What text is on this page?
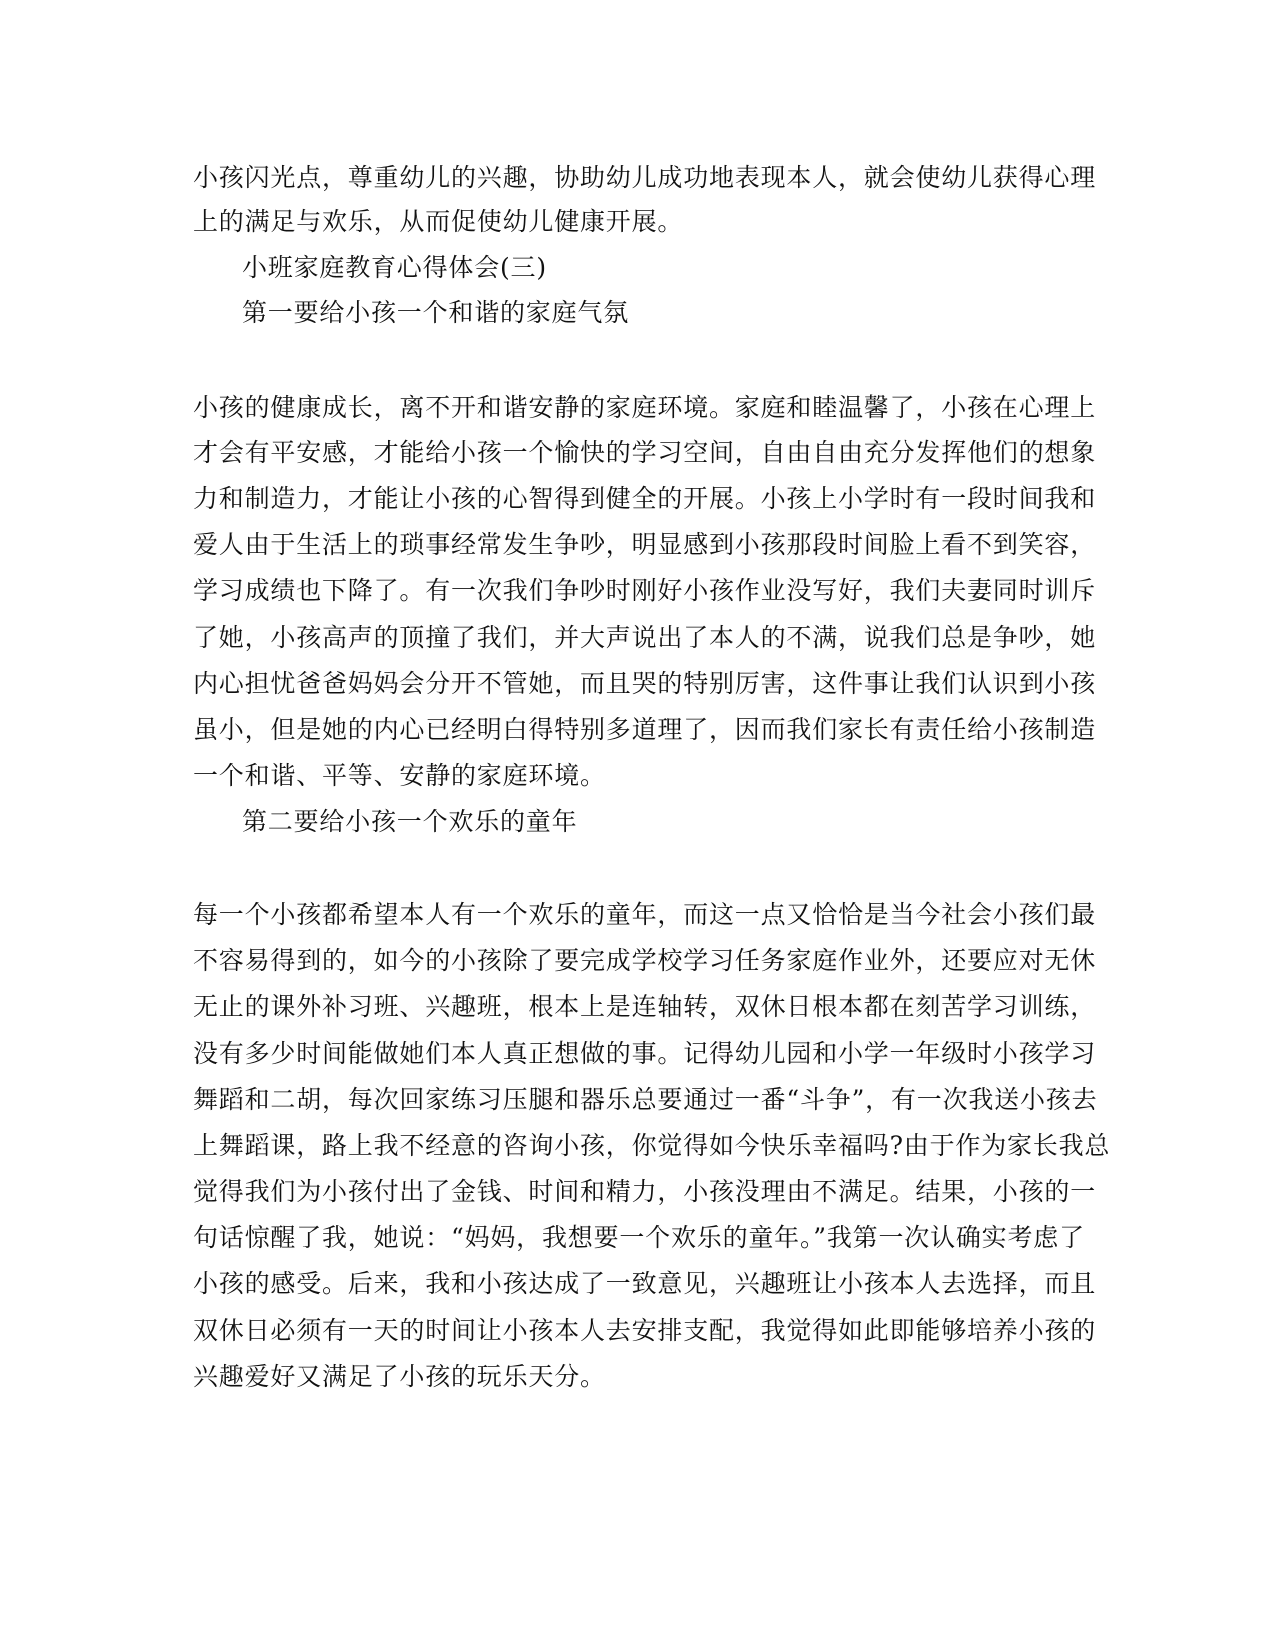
小孩闪光点，尊重幼儿的兴趣，协助幼儿成功地表现本人，就会使幼儿获得心理
上的满足与欢乐，从而促使幼儿健康开展。
小班家庭教育心得体会(三)
第一要给小孩一个和谐的家庭气氛
小孩的健康成长，离不开和谐安静的家庭环境。家庭和睦温馨了，小孩在心理上
才会有平安感，才能给小孩一个愉快的学习空间，自由自由充分发挥他们的想象
力和制造力，才能让小孩的心智得到健全的开展。小孩上小学时有一段时间我和
爱人由于生活上的琐事经常发生争吵，明显感到小孩那段时间脸上看不到笑容，
学习成绩也下降了。有一次我们争吵时刚好小孩作业没写好，我们夫妻同时训斥
了她，小孩高声的顶撞了我们，并大声说出了本人的不满，说我们总是争吵，她
内心担忧爸爸妈妈会分开不管她，而且哭的特别厉害，这件事让我们认识到小孩
虽小，但是她的内心已经明白得特别多道理了，因而我们家长有责任给小孩制造
一个和谐、平等、安静的家庭环境。
第二要给小孩一个欢乐的童年
每一个小孩都希望本人有一个欢乐的童年，而这一点又恰恰是当今社会小孩们最
不容易得到的，如今的小孩除了要完成学校学习任务家庭作业外，还要应对无休
无止的课外补习班、兴趣班，根本上是连轴转，双休日根本都在刻苦学习训练，
没有多少时间能做她们本人真正想做的事。记得幼儿园和小学一年级时小孩学习
舞蹈和二胡，每次回家练习压腿和器乐总要通过一番“斗争”，有一次我送小孩去
上舞蹈课，路上我不经意的咨询小孩，你觉得如今快乐幸福吗?由于作为家长我总
觉得我们为小孩付出了金钱、时间和精力，小孩没理由不满足。结果，小孩的一
句话惊醒了我，她说：“妈妈，我想要一个欢乐的童年。”我第一次认确实考虑了
小孩的感受。后来，我和小孩达成了一致意见，兴趣班让小孩本人去选择，而且
双休日必须有一天的时间让小孩本人去安排支配，我觉得如此即能够培养小孩的
兴趣爱好又满足了小孩的玩乐天分。
